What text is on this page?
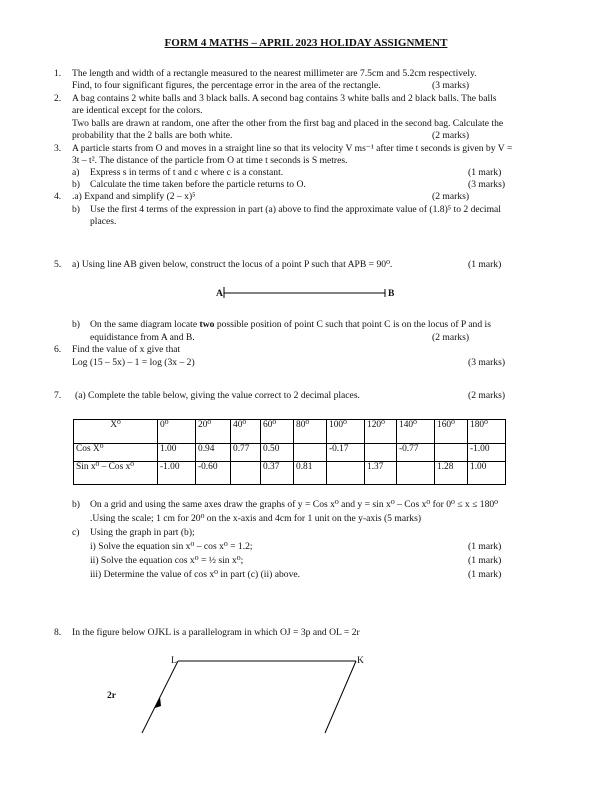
FORM 4 MATHS – APRIL 2023 HOLIDAY ASSIGNMENT
1. The length and width of a rectangle measured to the nearest millimeter are 7.5cm and 5.2cm respectively.
Find, to four significant figures, the percentage error in the area of the rectangle.	(3 marks)
2. A bag contains 2 white balls and 3 black balls. A second bag contains 3 white balls and 2 black balls. The balls
are identical except for the colors.
Two balls are drawn at random, one after the other from the first bag and placed in the second bag. Calculate the
probability that the 2 balls are both white.	(2 marks)
3. A particle starts from O and moves in a straight line so that its velocity V ms⁻¹ after time t seconds is given by V =
3t – t². The distance of the particle from O at time t seconds is S metres.
a) Express s in terms of t and c where c is a constant.	(1 mark)
b) Calculate the time taken before the particle returns to O.	(3 marks)
4. .a) Expand and simplify (2 – x)⁵	(2 marks)
b) Use the first 4 terms of the expression in part (a) above to find the approximate value of (1.8)⁵ to 2 decimal
places.
5. a) Using line AB given below, construct the locus of a point P such that APB = 90⁰.	(1 mark)
A	B
b) On the same diagram locate two possible position of point C such that point C is on the locus of P and is
equidistance from A and B.	(2 marks)
6. Find the value of x give that
Log (15 – 5x) – 1 = log (3x – 2)	(3 marks)
7. (a) Complete the table below, giving the value correct to 2 decimal places.	(2 marks)
X⁰	0⁰	20⁰	40⁰	60⁰	80⁰	100⁰	120⁰	140⁰	160⁰	180⁰
Cos X⁰	1.00	0.94	0.77	0.50		-0.17		-0.77		-1.00
Sin x⁰ – Cos x⁰	-1.00	-0.60		0.37	0.81		1.37		1.28	1.00
b) On a grid and using the same axes draw the graphs of y = Cos x⁰ and y = sin x⁰ – Cos x⁰ for 0⁰ ≤ x ≤ 180⁰
.Using the scale; 1 cm for 20⁰ on the x-axis and 4cm for 1 unit on the y-axis (5 marks)
c) Using the graph in part (b);
i) Solve the equation sin x⁰ – cos x⁰ = 1.2;	(1 mark)
ii) Solve the equation cos x⁰ = ½ sin x⁰;	(1 mark)
iii) Determine the value of cos x⁰ in part (c) (ii) above.	(1 mark)
8. In the figure below OJKL is a parallelogram in which OJ = 3p and OL = 2r
L	K
2r
